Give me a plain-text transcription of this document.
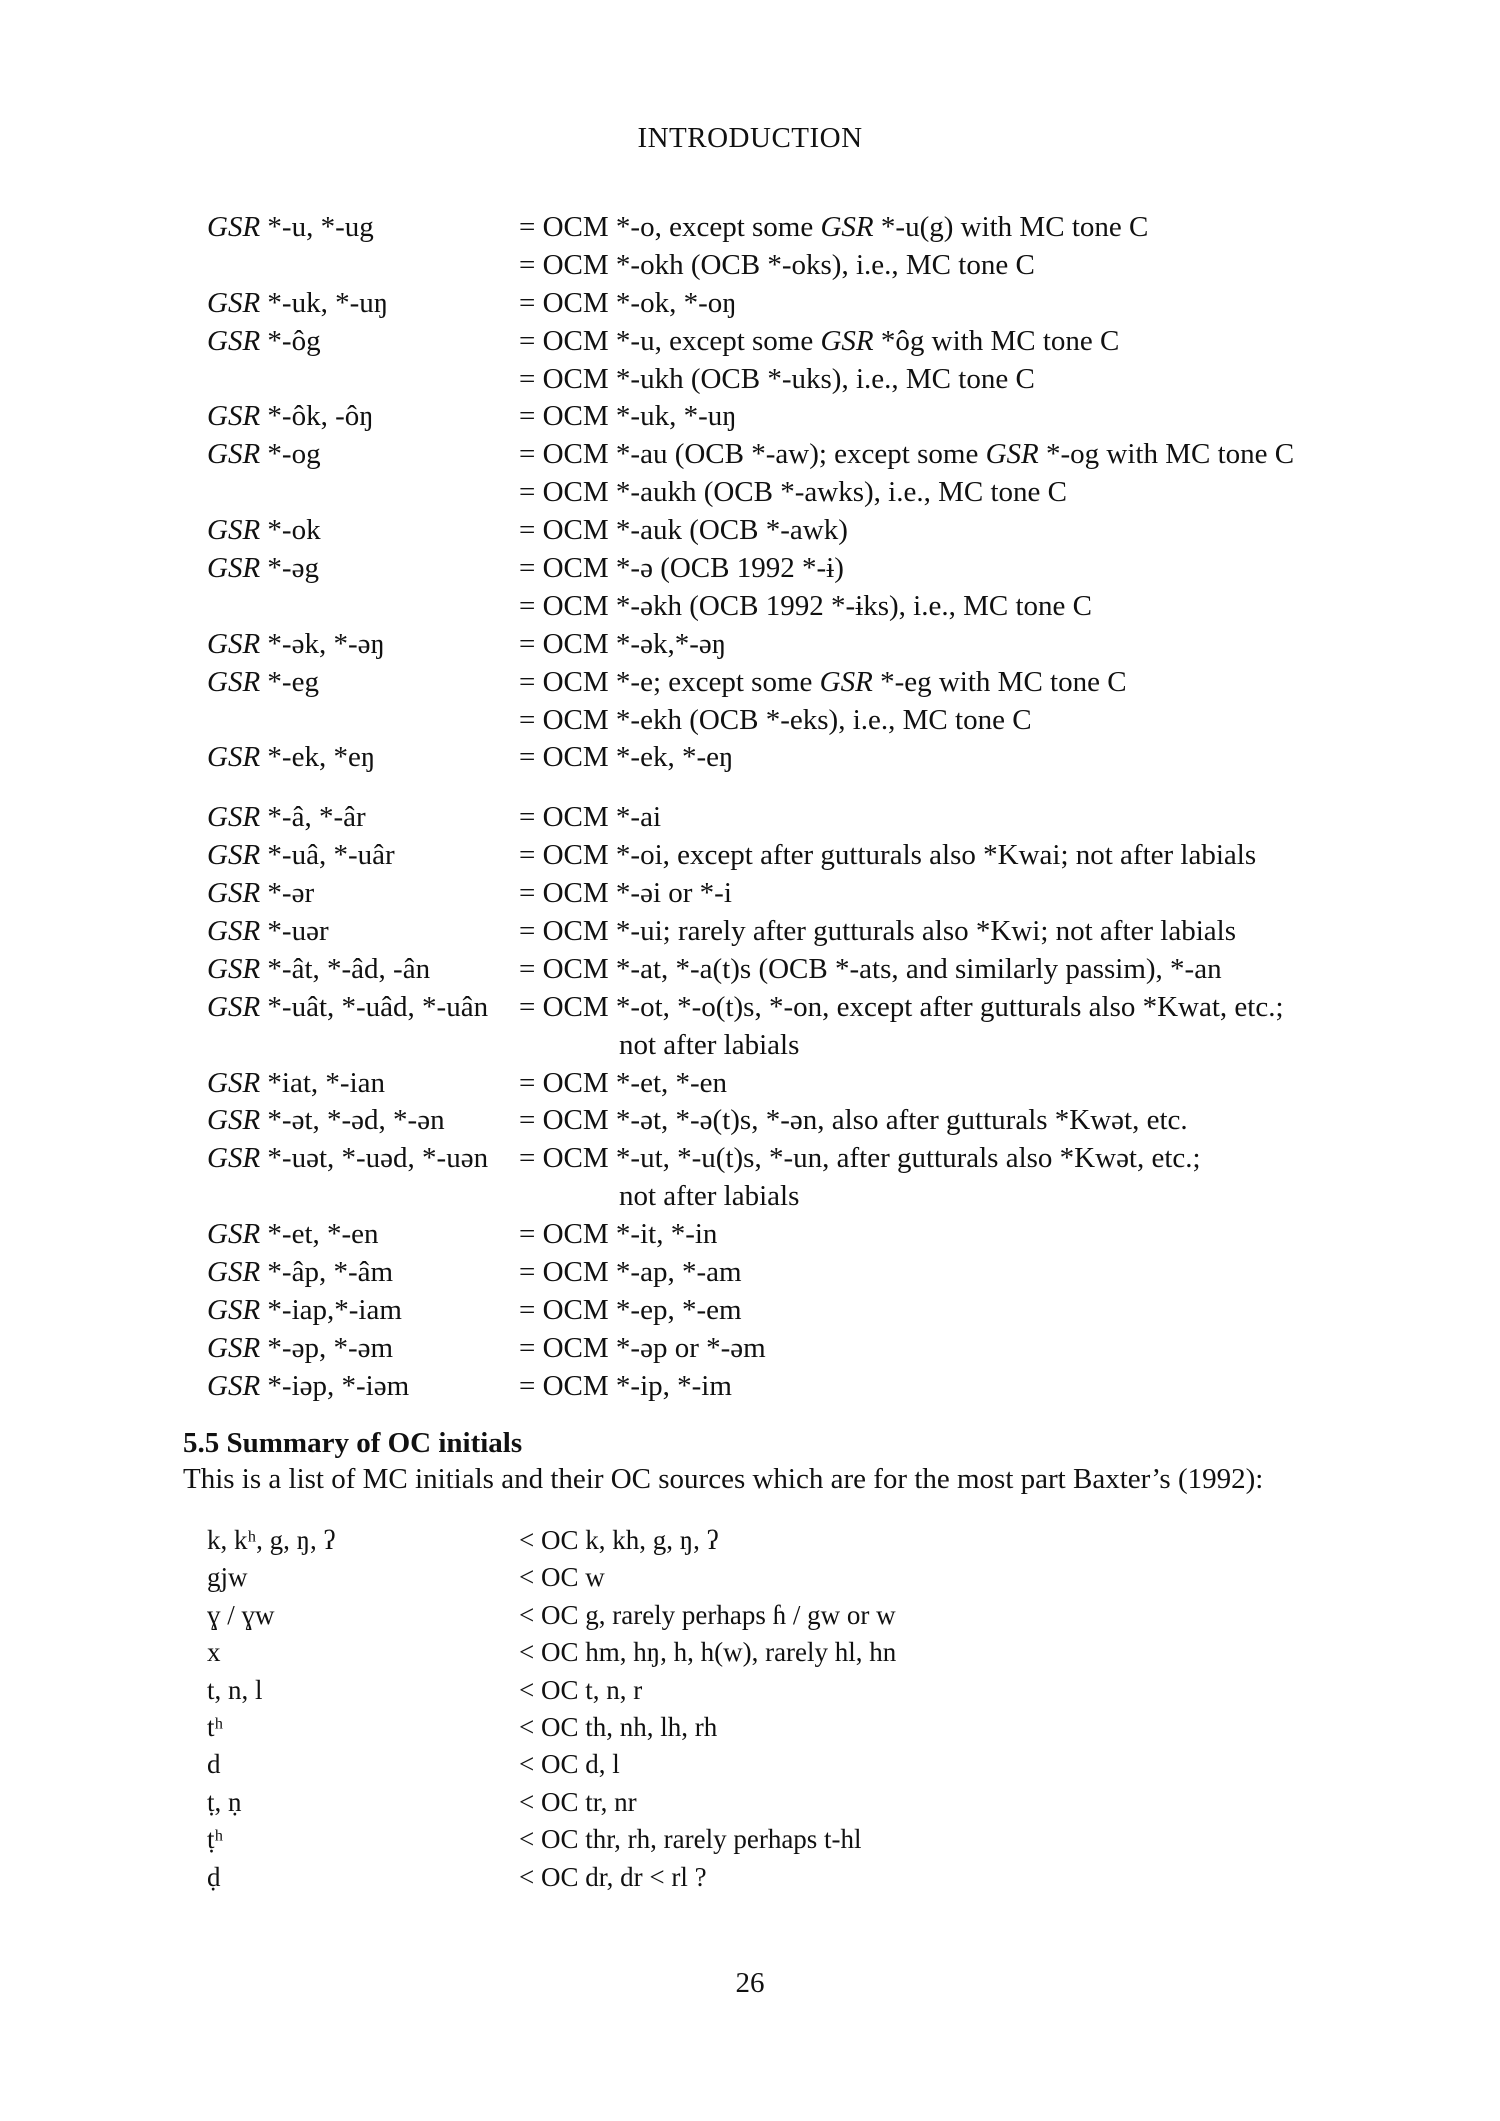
INTRODUCTION
GSR *-u, *-ug	= OCM *-o, except some GSR *-u(g) with MC tone C
= OCM *-okh (OCB *-oks), i.e., MC tone C
GSR *-uk, *-uŋ	= OCM *-ok, *-oŋ
GSR *-ôg	= OCM *-u, except some GSR *ôg with MC tone C
= OCM *-ukh (OCB *-uks), i.e., MC tone C
GSR *-ôk, -ôŋ	= OCM *-uk, *-uŋ
GSR *-og	= OCM *-au (OCB *-aw); except some GSR *-og with MC tone C
= OCM *-aukh (OCB *-awks), i.e., MC tone C
GSR *-ok	= OCM *-auk (OCB *-awk)
GSR *-əg	= OCM *-ə (OCB 1992 *-ɨ)
= OCM *-əkh (OCB 1992 *-ɨks), i.e., MC tone C
GSR *-ək, *-əŋ	= OCM *-ək,*-əŋ
GSR *-eg	= OCM *-e; except some GSR *-eg with MC tone C
= OCM *-ekh (OCB *-eks), i.e., MC tone C
GSR *-ek, *eŋ	= OCM *-ek, *-eŋ
GSR *-â, *-âr	= OCM *-ai
GSR *-uâ, *-uâr	= OCM *-oi, except after gutturals also *Kwai; not after labials
GSR *-ər	= OCM *-əi or *-i
GSR *-uər	= OCM *-ui; rarely after gutturals also *Kwi; not after labials
GSR *-ât, *-âd, -ân	= OCM *-at, *-a(t)s (OCB *-ats, and similarly passim), *-an
GSR *-uât, *-uâd, *-uân	= OCM *-ot, *-o(t)s, *-on, except after gutturals also *Kwat, etc.;
not after labials
GSR *iat, *-ian	= OCM *-et, *-en
GSR *-ət, *-əd, *-ən	= OCM *-ət, *-ə(t)s, *-ən, also after gutturals *Kwət, etc.
GSR *-uət, *-uəd, *-uən	= OCM *-ut, *-u(t)s, *-un, after gutturals also *Kwət, etc.;
not after labials
GSR *-et, *-en	= OCM *-it, *-in
GSR *-âp, *-âm	= OCM *-ap, *-am
GSR *-iap,*-iam	= OCM *-ep, *-em
GSR *-əp, *-əm	= OCM *-əp or *-əm
GSR *-iəp, *-iəm	= OCM *-ip, *-im
5.5 Summary of OC initials
This is a list of MC initials and their OC sources which are for the most part Baxter’s (1992):
k, kʰ, g, ŋ, ʔ	< OC k, kh, g, ŋ, ʔ
gjw	< OC w
ɣ / ɣw	< OC g, rarely perhaps ɦ / gw or w
x	< OC hm, hŋ, h, h(w), rarely hl, hn
t, n, l	< OC t, n, r
tʰ	< OC th, nh, lh, rh
d	< OC d, l
ṭ, ṇ	< OC tr, nr
ṭʰ	< OC thr, rh, rarely perhaps t-hl
ḍ	< OC dr, dr < rl ?
26
